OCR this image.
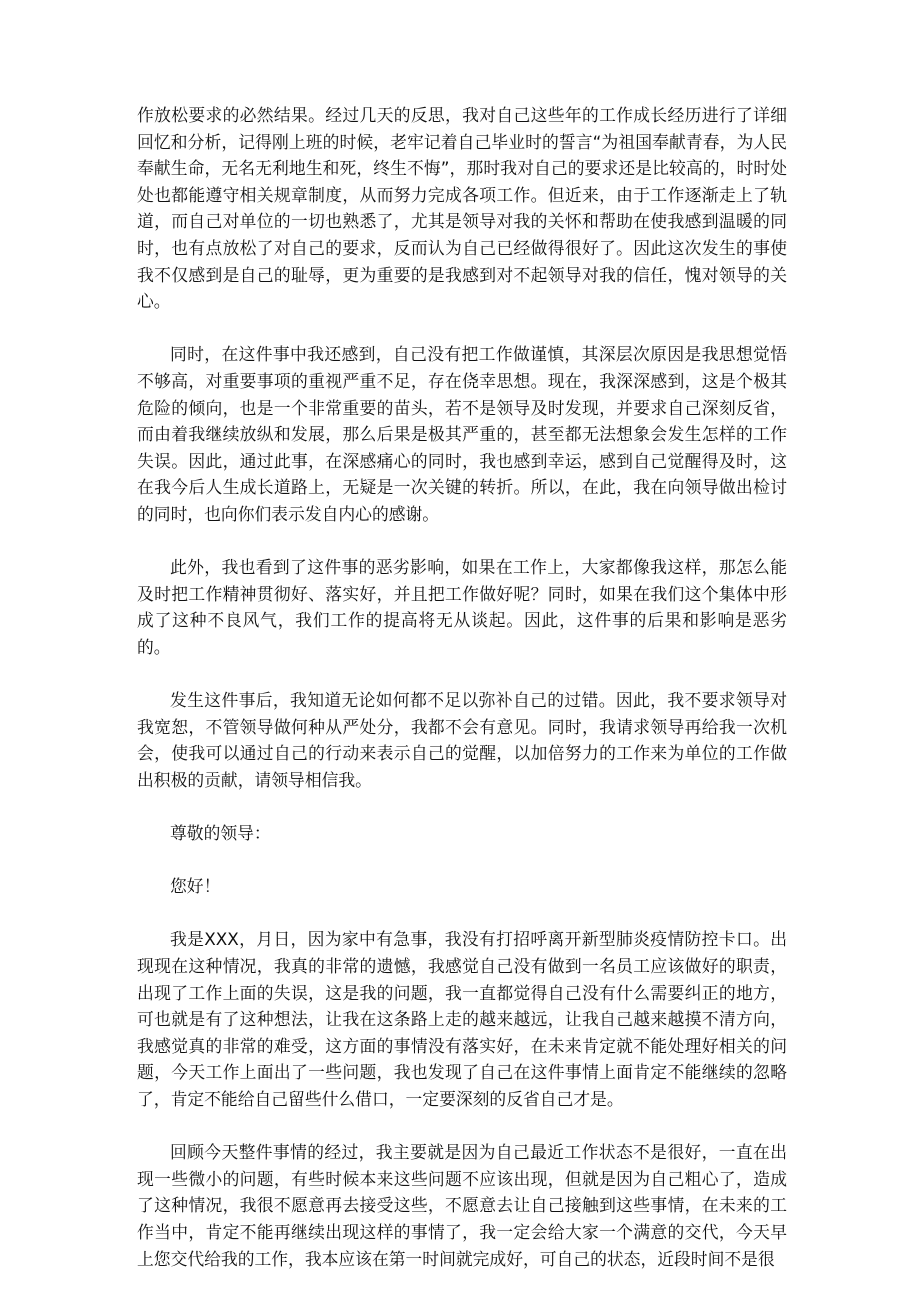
作放松要求的必然结果。经过几天的反思，我对自己这些年的工作成长经历进行了详细回忆和分析，记得刚上班的时候，老牢记着自己毕业时的誓言“为祖国奉献青春，为人民奉献生命，无名无利地生和死，终生不悔”，那时我对自己的要求还是比较高的，时时处处也都能遵守相关规章制度，从而努力完成各项工作。但近来，由于工作逐渐走上了轨道，而自己对单位的一切也熟悉了，尤其是领导对我的关怀和帮助在使我感到温暖的同时，也有点放松了对自己的要求，反而认为自己已经做得很好了。因此这次发生的事使我不仅感到是自己的耻辱，更为重要的是我感到对不起领导对我的信任，愧对领导的关心。

同时，在这件事中我还感到，自己没有把工作做谨慎，其深层次原因是我思想觉悟不够高，对重要事项的重视严重不足，存在侥幸思想。现在，我深深感到，这是个极其危险的倾向，也是一个非常重要的苗头，若不是领导及时发现，并要求自己深刻反省，而由着我继续放纵和发展，那么后果是极其严重的，甚至都无法想象会发生怎样的工作失误。因此，通过此事，在深感痛心的同时，我也感到幸运，感到自己觉醒得及时，这在我今后人生成长道路上，无疑是一次关键的转折。所以，在此，我在向领导做出检讨的同时，也向你们表示发自内心的感谢。

此外，我也看到了这件事的恶劣影响，如果在工作上，大家都像我这样，那怎么能及时把工作精神贯彻好、落实好，并且把工作做好呢？同时，如果在我们这个集体中形成了这种不良风气，我们工作的提高将无从谈起。因此，这件事的后果和影响是恶劣的。

发生这件事后，我知道无论如何都不足以弥补自己的过错。因此，我不要求领导对我宽恕，不管领导做何种从严处分，我都不会有意见。同时，我请求领导再给我一次机会，使我可以通过自己的行动来表示自己的觉醒，以加倍努力的工作来为单位的工作做出积极的贡献，请领导相信我。

尊敬的领导：

您好！

我是XXX，月日，因为家中有急事，我没有打招呼离开新型肺炎疫情防控卡口。出现现在这种情况，我真的非常的遗憾，我感觉自己没有做到一名员工应该做好的职责，出现了工作上面的失误，这是我的问题，我一直都觉得自己没有什么需要纠正的地方，可也就是有了这种想法，让我在这条路上走的越来越远，让我自己越来越摸不清方向，我感觉真的非常的难受，这方面的事情没有落实好，在未来肯定就不能处理好相关的问题，今天工作上面出了一些问题，我也发现了自己在这件事情上面肯定不能继续的忽略了，肯定不能给自己留些什么借口，一定要深刻的反省自己才是。

回顾今天整件事情的经过，我主要就是因为自己最近工作状态不是很好，一直在出现一些微小的问题，有些时候本来这些问题不应该出现，但就是因为自己粗心了，造成了这种情况，我很不愿意再去接受这些，不愿意去让自己接触到这些事情，在未来的工作当中，肯定不能再继续出现这样的事情了，我一定会给大家一个满意的交代，今天早上您交代给我的工作，我本应该在第一时间就完成好，可自己的状态，近段时间不是很
